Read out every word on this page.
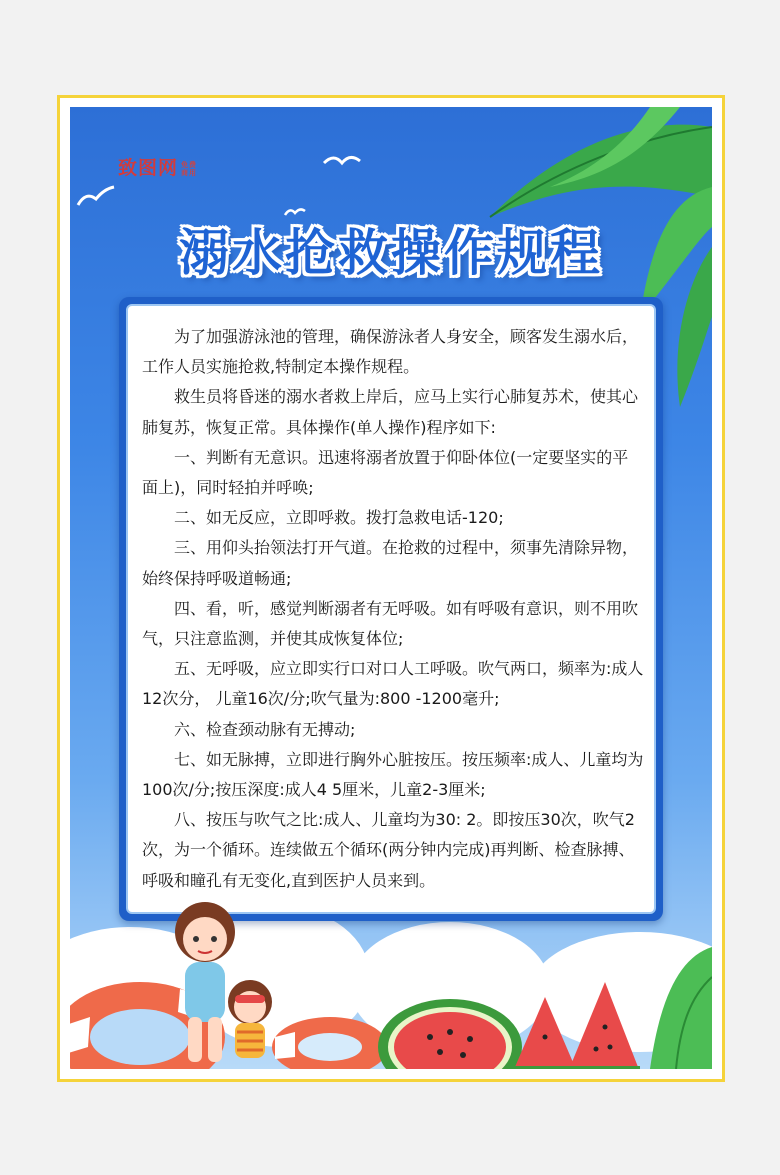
致图网 免费 商用
溺水抢救操作规程

为了加强游泳池的管理，确保游泳者人身安全，顾客发生溺水后，工作人员实施抢救,特制定本操作规程。

救生员将昏迷的溺水者救上岸后，应马上实行心肺复苏术，使其心肺复苏，恢复正常。具体操作(单人操作)程序如下:

一、判断有无意识。迅速将溺者放置于仰卧体位(一定要坚实的平面上)，同时轻拍并呼唤;

二、如无反应，立即呼救。拨打急救电话-120;

三、用仰头抬领法打开气道。在抢救的过程中，须事先清除异物，始终保持呼吸道畅通;

四、看，听，感觉判断溺者有无呼吸。如有呼吸有意识，则不用吹气，只注意监测，并使其成恢复体位;

五、无呼吸，应立即实行口对口人工呼吸。吹气两口，频率为:成人12次分， 儿童16次/分;吹气量为:800 -1200毫升;

六、检查颈动脉有无搏动;

七、如无脉搏，立即进行胸外心脏按压。按压频率:成人、儿童均为100次/分;按压深度:成人4 5厘米，儿童2-3厘米;

八、按压与吹气之比:成人、儿童均为30: 2。即按压30次，吹气2次，为一个循环。连续做五个循环(两分钟内完成)再判断、检查脉搏、呼吸和瞳孔有无变化,直到医护人员来到。
